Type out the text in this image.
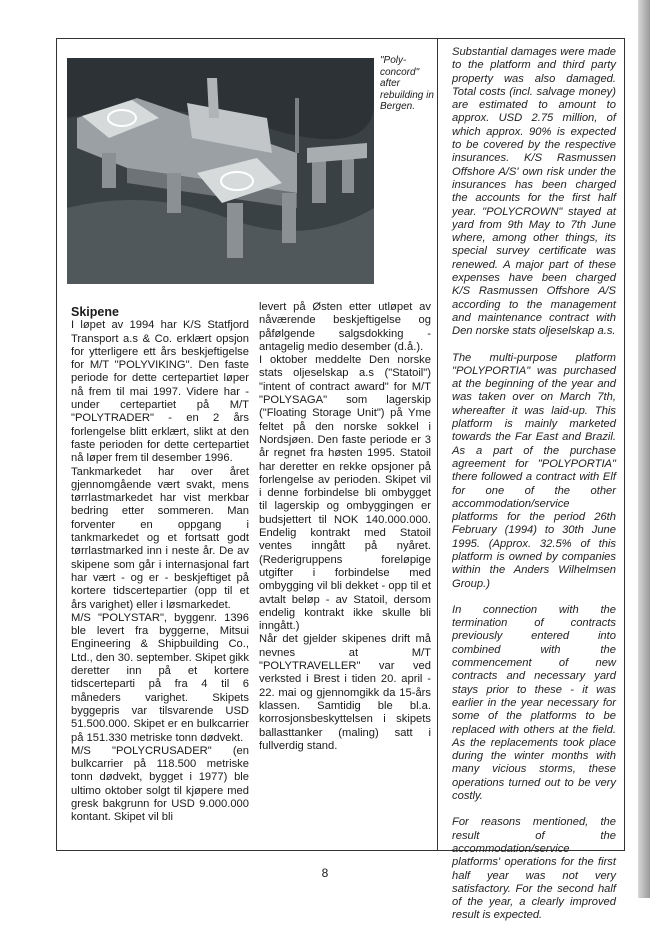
"Poly-concord" after rebuilding in Bergen.

Skipene

I løpet av 1994 har K/S Statfjord Transport a.s & Co. erklært opsjon for ytterligere ett års beskjeftigelse for M/T "POLYVIKING". Den faste periode for dette certepartiet løper nå frem til mai 1997. Videre har - under certepartiet på M/T "POLYTRADER" - en 2 års forlengelse blitt erklært, slikt at den faste perioden for dette certepartiet nå løper frem til desember 1996.

Tankmarkedet har over året gjennomgående vært svakt, mens tørrlastmarkedet har vist merkbar bedring etter sommeren. Man forventer en oppgang i tankmarkedet og et fortsatt godt tørrlastmarked inn i neste år. De av skipene som går i internasjonal fart har vært - og er - beskjeftiget på kortere tidscertepartier (opp til et års varighet) eller i løsmarkedet.

M/S "POLYSTAR", byggenr. 1396 ble levert fra byggerne, Mitsui Engineering & Shipbuilding Co., Ltd., den 30. september. Skipet gikk deretter inn på et kortere tidscerteparti på fra 4 til 6 måneders varighet. Skipets byggepris var tilsvarende USD 51.500.000. Skipet er en bulkcarrier på 151.330 metriske tonn dødvekt.

M/S "POLYCRUSADER" (en bulkcarrier på 118.500 metriske tonn dødvekt, bygget i 1977) ble ultimo oktober solgt til kjøpere med gresk bakgrunn for USD 9.000.000 kontant. Skipet vil bli

levert på Østen etter utløpet av nåværende beskjeftigelse og påfølgende salgsdokking - antagelig medio desember (d.å.).

I oktober meddelte Den norske stats oljeselskap a.s ("Statoil") "intent of contract award" for M/T "POLYSAGA" som lagerskip ("Floating Storage Unit") på Yme feltet på den norske sokkel i Nordsjøen. Den faste periode er 3 år regnet fra høsten 1995. Statoil har deretter en rekke opsjoner på forlengelse av perioden. Skipet vil i denne forbindelse bli ombygget til lagerskip og ombyggingen er budsjettert til NOK 140.000.000. Endelig kontrakt med Statoil ventes inngått på nyåret. (Rederigruppens foreløpige utgifter i forbindelse med ombygging vil bli dekket - opp til et avtalt beløp - av Statoil, dersom endelig kontrakt ikke skulle bli inngått.)

Når det gjelder skipenes drift må nevnes at M/T "POLYTRAVELLER" var ved verksted i Brest i tiden 20. april - 22. mai og gjennomgikk da 15-års klassen. Samtidig ble bl.a. korrosjonsbeskyttelsen i skipets ballasttanker (maling) satt i fullverdig stand.

Substantial damages were made to the platform and third party property was also damaged. Total costs (incl. salvage money) are estimated to amount to approx. USD 2.75 million, of which approx. 90% is expected to be covered by the respective insurances. K/S Rasmussen Offshore A/S' own risk under the insurances has been charged the accounts for the first half year. "POLYCROWN" stayed at yard from 9th May to 7th June where, among other things, its special survey certificate was renewed. A major part of these expenses have been charged K/S Rasmussen Offshore A/S according to the management and maintenance contract with Den norske stats oljeselskap a.s.

The multi-purpose platform "POLYPORTIA" was purchased at the beginning of the year and was taken over on March 7th, whereafter it was laid-up. This platform is mainly marketed towards the Far East and Brazil. As a part of the purchase agreement for "POLYPORTIA" there followed a contract with Elf for one of the other accommodation/service platforms for the period 26th February (1994) to 30th June 1995. (Approx. 32.5% of this platform is owned by companies within the Anders Wilhelmsen Group.)

In connection with the termination of contracts previously entered into combined with the commencement of new contracts and necessary yard stays prior to these - it was earlier in the year necessary for some of the platforms to be replaced with others at the field. As the replacements took place during the winter months with many vicious storms, these operations turned out to be very costly.

For reasons mentioned, the result of the accommodation/service platforms' operations for the first half year was not very satisfactory. For the second half of the year, a clearly improved result is expected.

8
